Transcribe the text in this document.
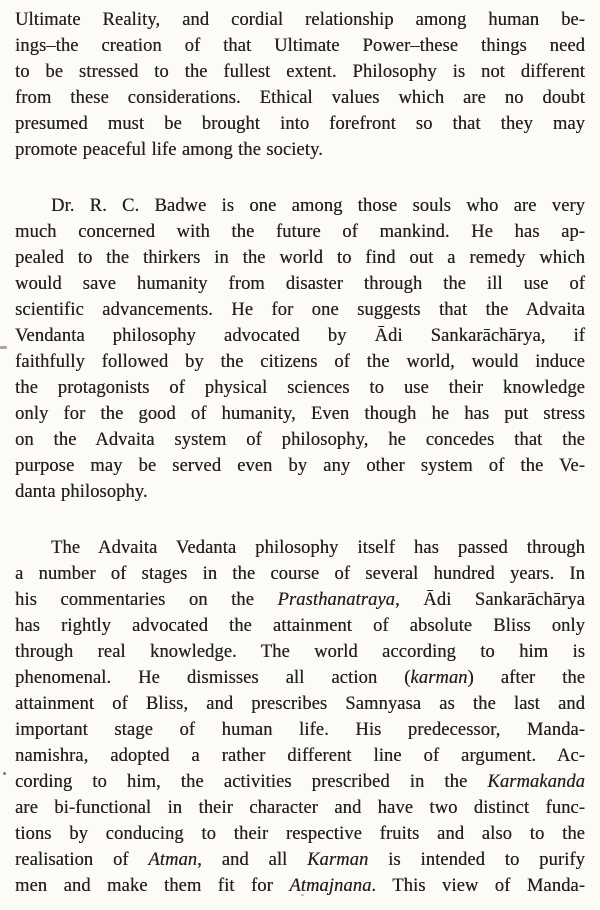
Ultimate Reality, and cordial relationship among human be-
ings–the creation of that Ultimate Power–these things need
to be stressed to the fullest extent. Philosophy is not different
from these considerations. Ethical values which are no doubt
presumed must be brought into forefront so that they may
promote peaceful life among the society.
Dr. R. C. Badwe is one among those souls who are very
much concerned with the future of mankind. He has ap-
pealed to the thirkers in the world to find out a remedy which
would save humanity from disaster through the ill use of
scientific advancements. He for one suggests that the Advaita
Vendanta philosophy advocated by Ādi Sankarāchārya, if
faithfully followed by the citizens of the world, would induce
the protagonists of physical sciences to use their knowledge
only for the good of humanity, Even though he has put stress
on the Advaita system of philosophy, he concedes that the
purpose may be served even by any other system of the Ve-
danta philosophy.
The Advaita Vedanta philosophy itself has passed through
a number of stages in the course of several hundred years. In
his commentaries on the Prasthanatraya, Ādi Sankarāchārya
has rightly advocated the attainment of absolute Bliss only
through real knowledge. The world according to him is
phenomenal. He dismisses all action (karman) after the
attainment of Bliss, and prescribes Samnyasa as the last and
important stage of human life. His predecessor, Manda-
namishra, adopted a rather different line of argument. Ac-
cording to him, the activities prescribed in the Karmakanda
are bi-functional in their character and have two distinct func-
tions by conducing to their respective fruits and also to the
realisation of Atman, and all Karman is intended to purify
men and make them fit for Atmajnana. This view of Manda-
